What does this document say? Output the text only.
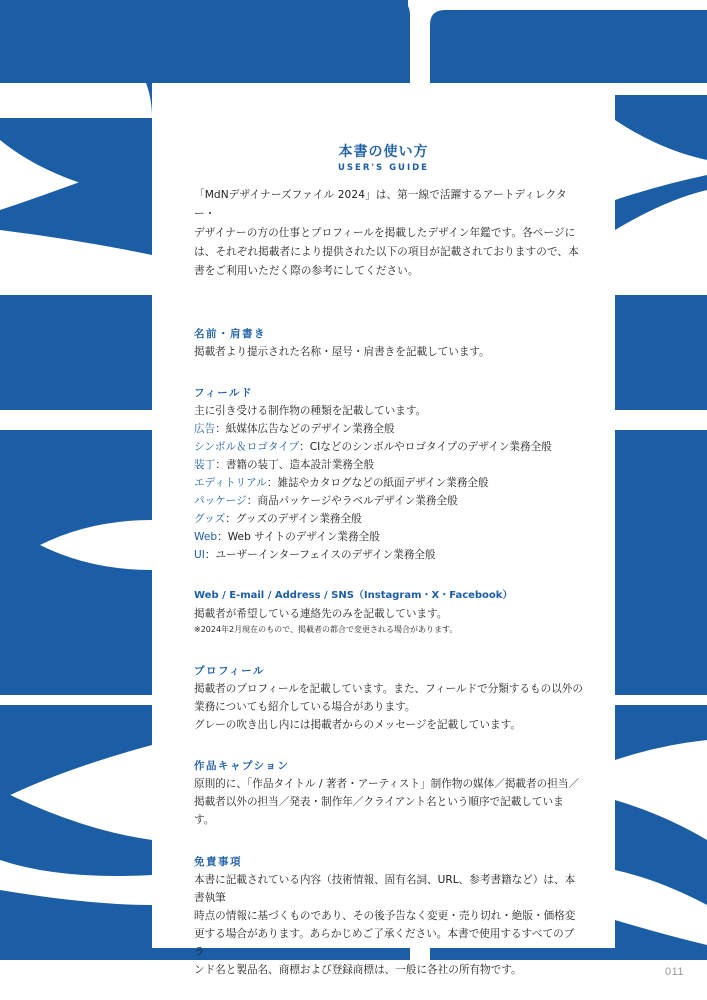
本書の使い方
USER'S GUIDE

「MdNデザイナーズファイル 2024」は、第一線で活躍するアートディレクター・
デザイナーの方の仕事とプロフィールを掲載したデザイン年鑑です。各ページに
は、それぞれ掲載者により提供された以下の項目が記載されておりますので、本
書をご利用いただく際の参考にしてください。

名前・肩書き

掲載者より提示された名称・屋号・肩書きを記載しています。

フィールド

主に引き受ける制作物の種類を記載しています。

広告：紙媒体広告などのデザイン業務全般

シンボル＆ロゴタイプ：CIなどのシンボルやロゴタイプのデザイン業務全般

装丁：書籍の装丁、造本設計業務全般

エディトリアル：雑誌やカタログなどの紙面デザイン業務全般

パッケージ：商品パッケージやラベルデザイン業務全般

グッズ：グッズのデザイン業務全般

Web：Web サイトのデザイン業務全般

UI：ユーザーインターフェイスのデザイン業務全般

Web / E-mail / Address / SNS（Instagram・X・Facebook）

掲載者が希望している連絡先のみを記載しています。

※2024年2月現在のもので、掲載者の都合で変更される場合があります。

プロフィール

掲載者のプロフィールを記載しています。また、フィールドで分類するもの以外の

業務についても紹介している場合があります。

グレーの吹き出し内には掲載者からのメッセージを記載しています。

作品キャプション

原則的に、「作品タイトル / 著者・アーティスト」制作物の媒体／掲載者の担当／

掲載者以外の担当／発表・制作年／クライアント名という順序で記載しています。

免責事項

本書に記載されている内容（技術情報、固有名詞、URL、参考書籍など）は、本書執筆

時点の情報に基づくものであり、その後予告なく変更・売り切れ・絶版・価格変

更する場合があります。あらかじめご了承ください。本書で使用するすべてのブラ

ンド名と製品名、商標および登録商標は、一般に各社の所有物です。	011
